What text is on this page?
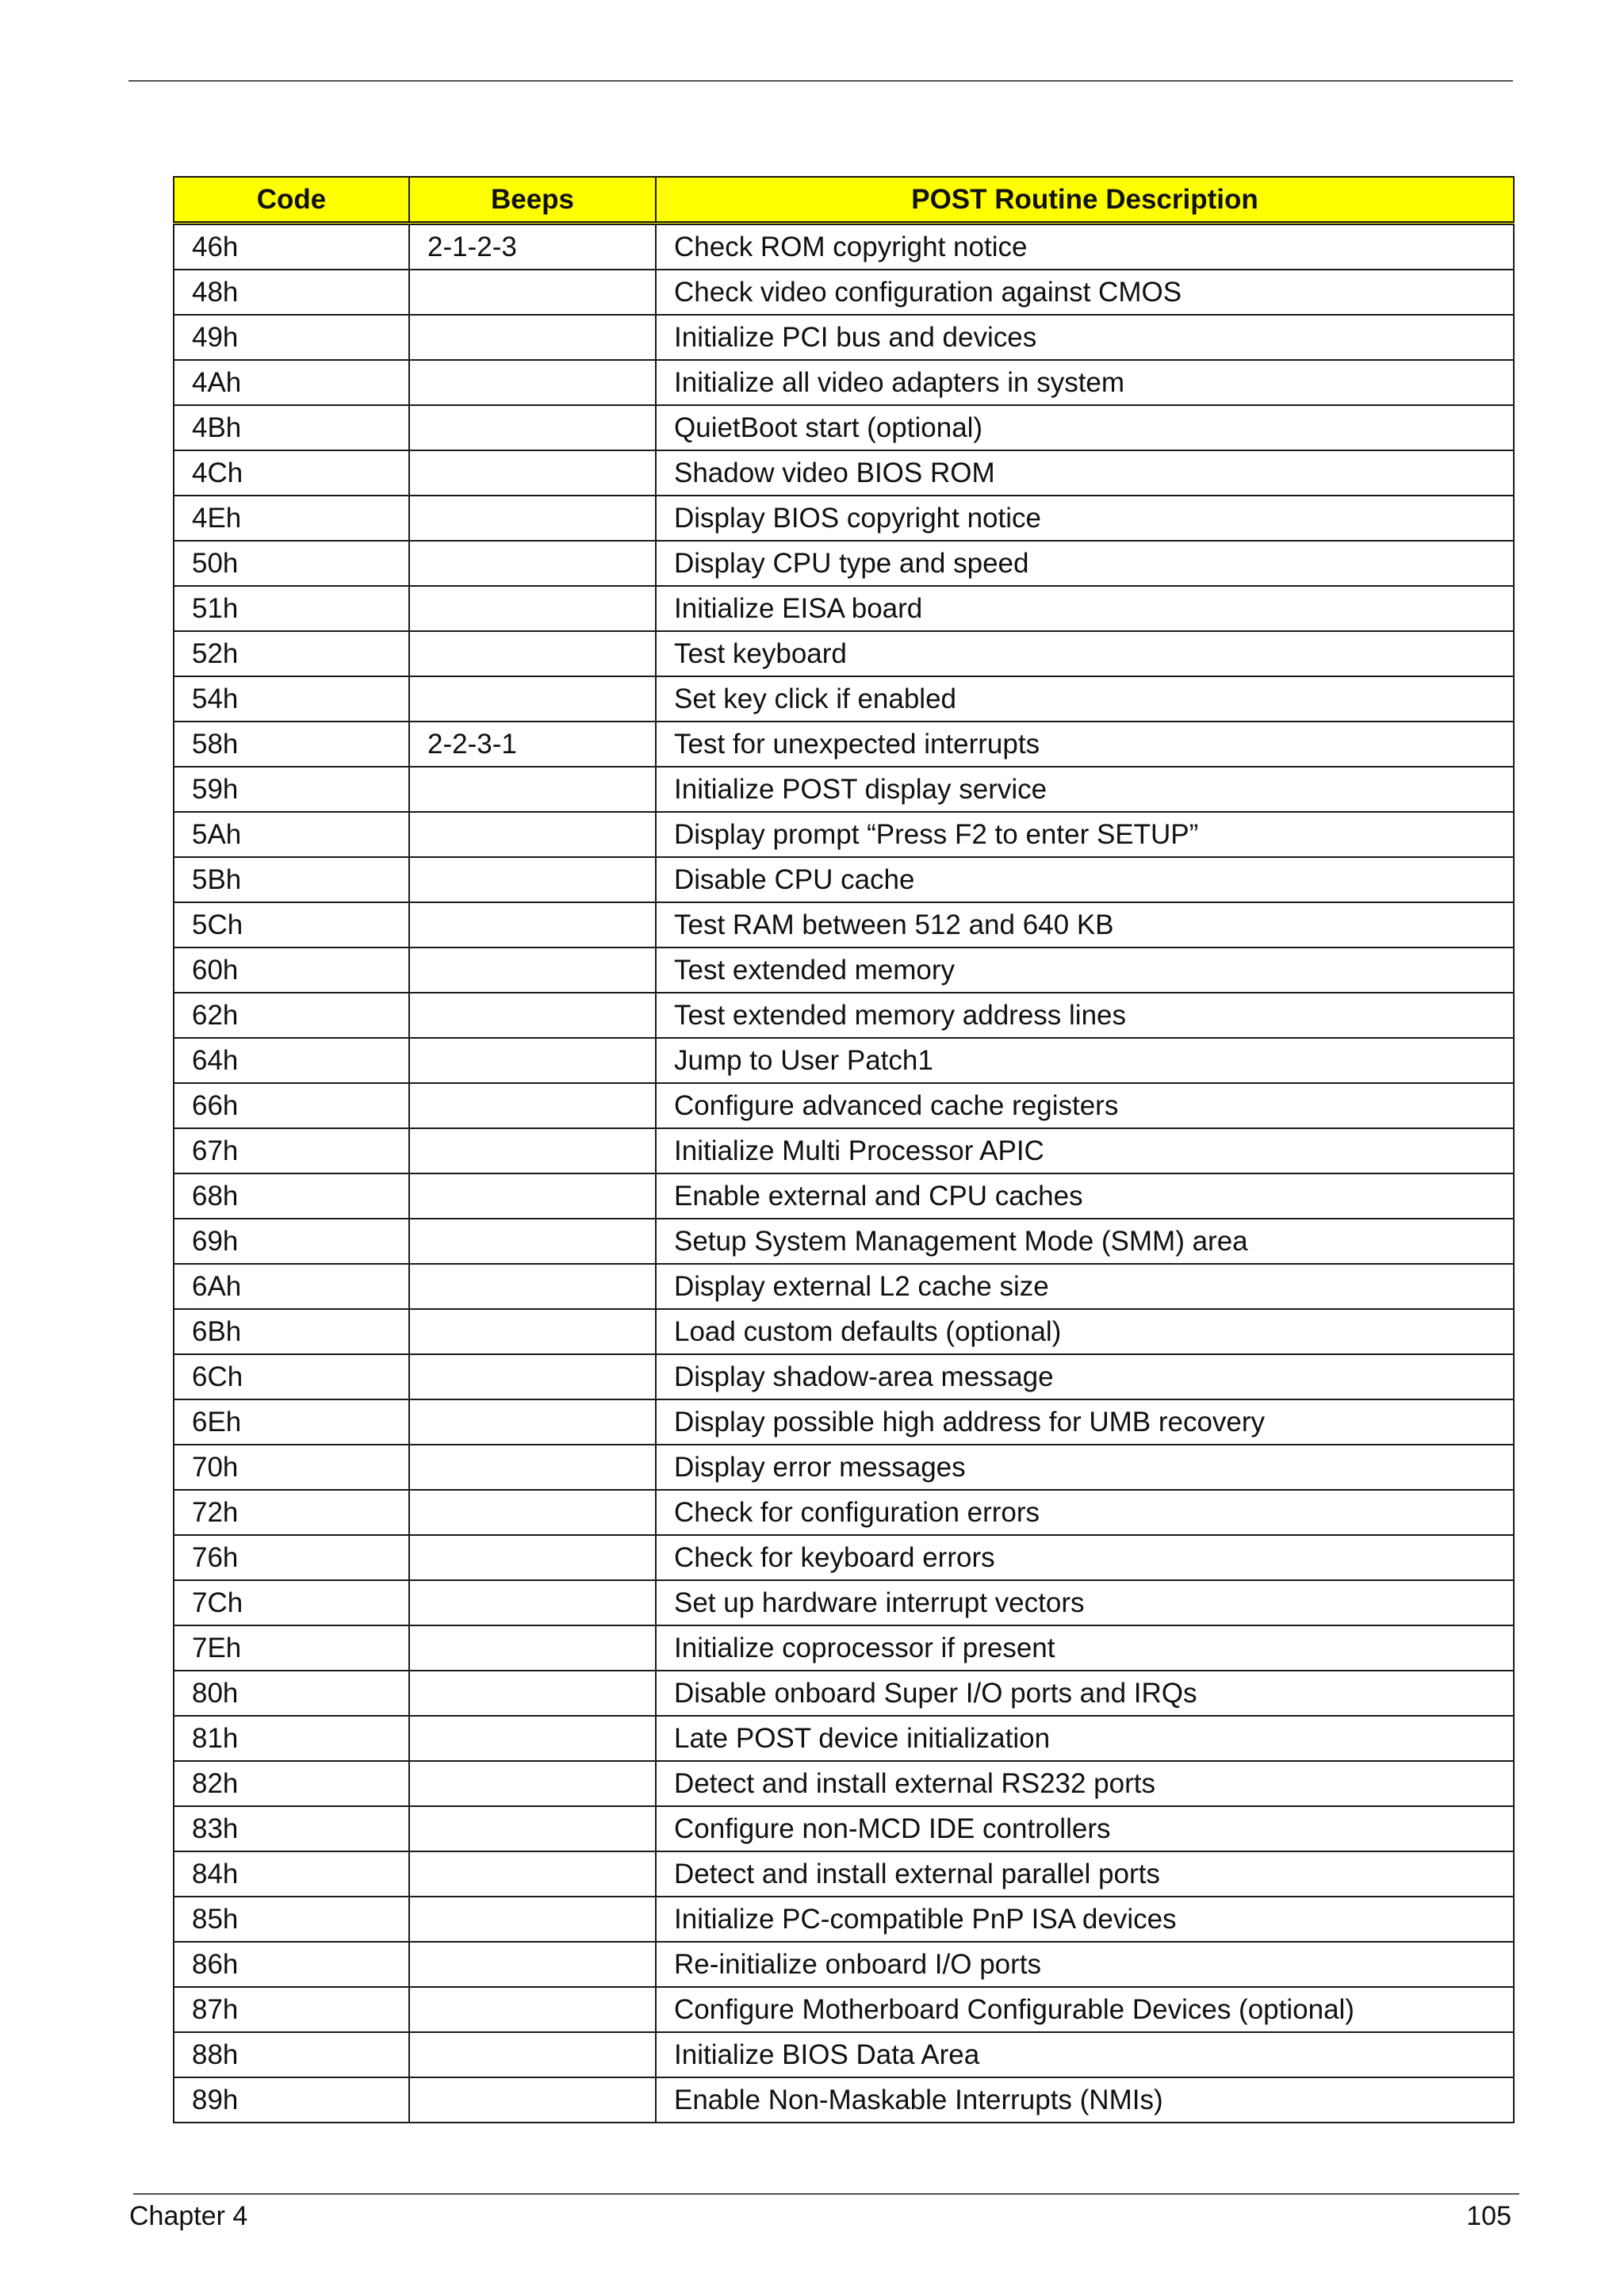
Code	Beeps	POST Routine Description
46h	2-1-2-3	Check ROM copyright notice
48h		Check video configuration against CMOS
49h		Initialize PCI bus and devices
4Ah		Initialize all video adapters in system
4Bh		QuietBoot start (optional)
4Ch		Shadow video BIOS ROM
4Eh		Display BIOS copyright notice
50h		Display CPU type and speed
51h		Initialize EISA board
52h		Test keyboard
54h		Set key click if enabled
58h	2-2-3-1	Test for unexpected interrupts
59h		Initialize POST display service
5Ah		Display prompt “Press F2 to enter SETUP”
5Bh		Disable CPU cache
5Ch		Test RAM between 512 and 640 KB
60h		Test extended memory
62h		Test extended memory address lines
64h		Jump to User Patch1
66h		Configure advanced cache registers
67h		Initialize Multi Processor APIC
68h		Enable external and CPU caches
69h		Setup System Management Mode (SMM) area
6Ah		Display external L2 cache size
6Bh		Load custom defaults (optional)
6Ch		Display shadow-area message
6Eh		Display possible high address for UMB recovery
70h		Display error messages
72h		Check for configuration errors
76h		Check for keyboard errors
7Ch		Set up hardware interrupt vectors
7Eh		Initialize coprocessor if present
80h		Disable onboard Super I/O ports and IRQs
81h		Late POST device initialization
82h		Detect and install external RS232 ports
83h		Configure non-MCD IDE controllers
84h		Detect and install external parallel ports
85h		Initialize PC-compatible PnP ISA devices
86h		Re-initialize onboard I/O ports
87h		Configure Motherboard Configurable Devices (optional)
88h		Initialize BIOS Data Area
89h		Enable Non-Maskable Interrupts (NMIs)
Chapter 4	105
